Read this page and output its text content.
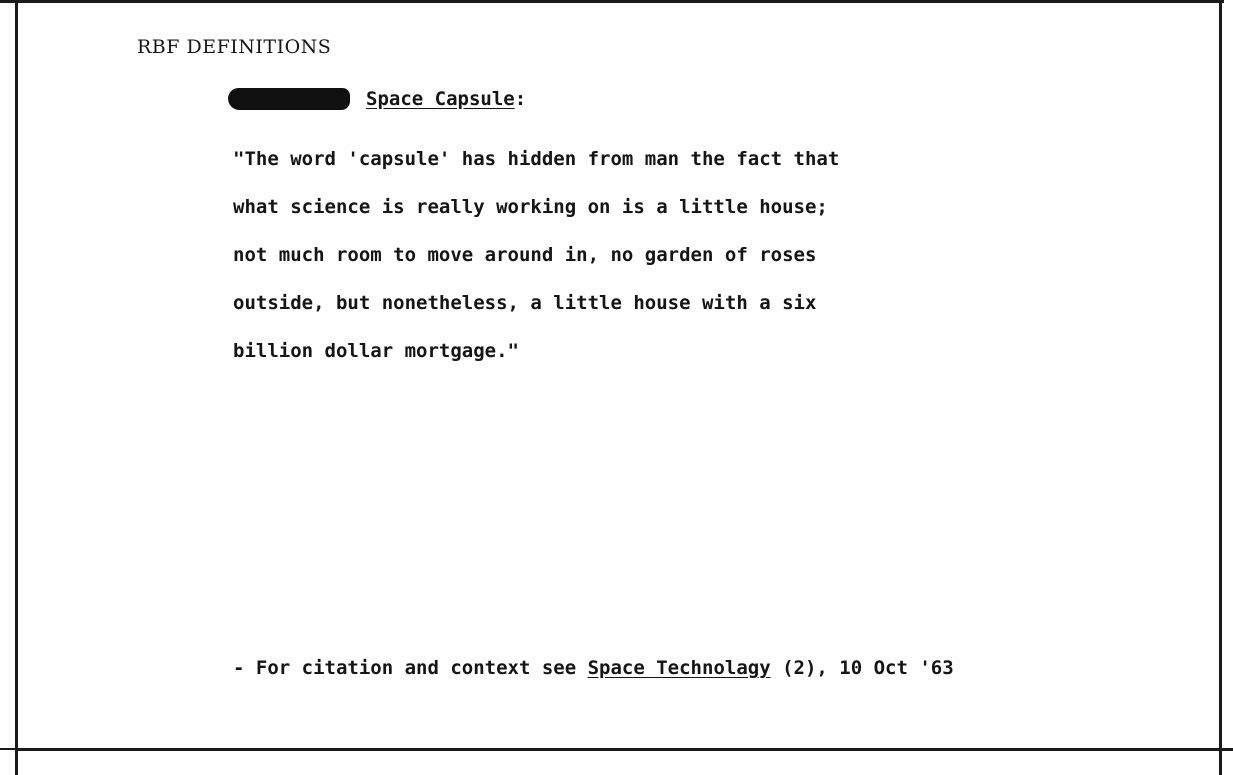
RBF DEFINITIONS
Space Capsule :
"The word 'capsule' has hidden from man the fact that
what science is really working on is a little house;
not much room to move around in, no garden of roses
outside, but nonetheless, a little house with a six
billion dollar mortgage."
- For citation and context see Space Technolagy (2), 10 Oct '63
